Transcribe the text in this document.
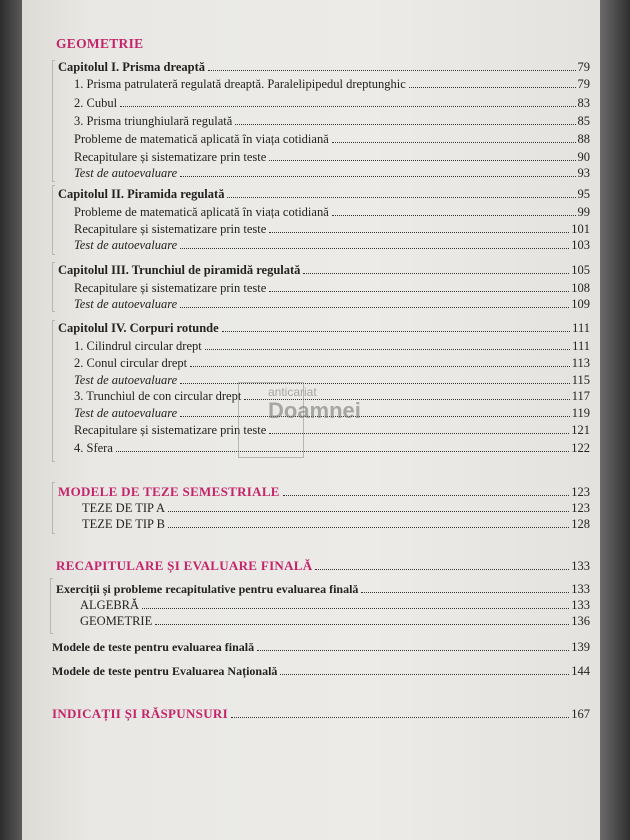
GEOMETRIE
Capitolul I. Prisma dreaptă	79
1. Prisma patrulateră regulată dreaptă. Paralelipipedul dreptunghic	79
2. Cubul	83
3. Prisma triunghiulară regulată	85
Probleme de matematică aplicată în viața cotidiană	88
Recapitulare și sistematizare prin teste	90
Test de autoevaluare	93
Capitolul II. Piramida regulată	95
Probleme de matematică aplicată în viața cotidiană	99
Recapitulare și sistematizare prin teste	101
Test de autoevaluare	103
Capitolul III. Trunchiul de piramidă regulată	105
Recapitulare și sistematizare prin teste	108
Test de autoevaluare	109
Capitolul IV. Corpuri rotunde	111
1. Cilindrul circular drept	111
2. Conul circular drept	113
Test de autoevaluare	115
3. Trunchiul de con circular drept	117
Test de autoevaluare	119
Recapitulare și sistematizare prin teste	121
4. Sfera	122
anticariat
Doamnei
MODELE DE TEZE SEMESTRIALE	123
TEZE DE TIP A	123
TEZE DE TIP B	128
RECAPITULARE ȘI EVALUARE FINALĂ	133
Exerciții și probleme recapitulative pentru evaluarea finală	133
ALGEBRĂ	133
GEOMETRIE	136
Modele de teste pentru evaluarea finală	139
Modele de teste pentru Evaluarea Națională	144
INDICAȚII ȘI RĂSPUNSURI	167
